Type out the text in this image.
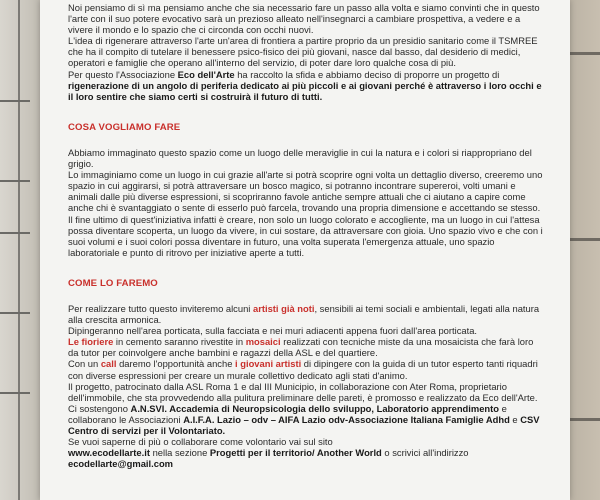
Noi pensiamo di sì ma pensiamo anche che sia necessario fare un passo alla volta e siamo convinti che in questo l'arte con il suo potere evocativo sarà un prezioso alleato nell'insegnarci a cambiare prospettiva, a vedere e a vivere il mondo e lo spazio che ci circonda con occhi nuovi.

L'idea di rigenerare attraverso l'arte un'area di frontiera a partire proprio da un presidio sanitario come il TSMREE che ha il compito di tutelare il benessere psico-fisico dei più giovani, nasce dal basso, dal desiderio di medici, operatori e famiglie che operano all'interno del servizio, di poter dare loro qualche cosa di più.

Per questo l'Associazione Eco dell'Arte ha raccolto la sfida e abbiamo deciso di proporre un progetto di rigenerazione di un angolo di periferia dedicato ai più piccoli e ai giovani perché è attraverso i loro occhi e il loro sentire che siamo certi si costruirà il futuro di tutti.

COSA VOGLIAMO FARE

Abbiamo immaginato questo spazio come un luogo delle meraviglie in cui la natura e i colori si riappropriano del grigio.

Lo immaginiamo come un luogo in cui grazie all'arte si potrà scoprire ogni volta un dettaglio diverso, creeremo uno spazio in cui aggirarsi, si potrà attraversare un bosco magico, si potranno incontrare supereroi, volti umani e animali dalle più diverse espressioni, si scopriranno favole antiche sempre attuali che ci aiutano a capire come anche chi è svantaggiato o sente di esserlo può farcela, trovando una propria dimensione e accettando se stesso.

Il fine ultimo di quest'iniziativa infatti è creare, non solo un luogo colorato e accogliente, ma un luogo in cui l'attesa possa diventare scoperta, un luogo da vivere, in cui sostare, da attraversare con gioia. Uno spazio vivo e che con i suoi volumi e i suoi colori possa diventare in futuro, una volta superata l'emergenza attuale, uno spazio laboratoriale e punto di ritrovo per iniziative aperte a tutti.

COME LO FAREMO

Per realizzare tutto questo inviteremo alcuni artisti già noti, sensibili ai temi sociali e ambientali, legati alla natura alla crescita armonica.

Dipingeranno nell'area porticata, sulla facciata e nei muri adiacenti appena fuori dall'area porticata.

Le fioriere in cemento saranno rivestite in mosaici realizzati con tecniche miste da una mosaicista che farà loro da tutor per coinvolgere anche bambini e ragazzi della ASL e del quartiere.

Con un call daremo l'opportunità anche i giovani artisti di dipingere con la guida di un tutor esperto tanti riquadri con diverse espressioni per creare un murale collettivo dedicato agli stati d'animo.

Il progetto, patrocinato dalla ASL Roma 1 e dal III Municipio, in collaborazione con Ater Roma, proprietario dell'immobile, che sta provvedendo alla pulitura preliminare delle pareti, è promosso e realizzato da Eco dell'Arte.

Ci sostengono A.N.SVI. Accademia di Neuropsicologia dello sviluppo, Laboratorio apprendimento e collaborano le Associazioni A.I.F.A. Lazio – odv – AIFA Lazio odv-Associazione Italiana Famiglie Adhd e CSV Centro di servizi per il Volontariato.

Se vuoi saperne di più o collaborare come volontario vai sul sito

www.ecodellarte.it nella sezione Progetti per il territorio/ Another World o scrivici all'indirizzo

ecodellarte@gmail.com
